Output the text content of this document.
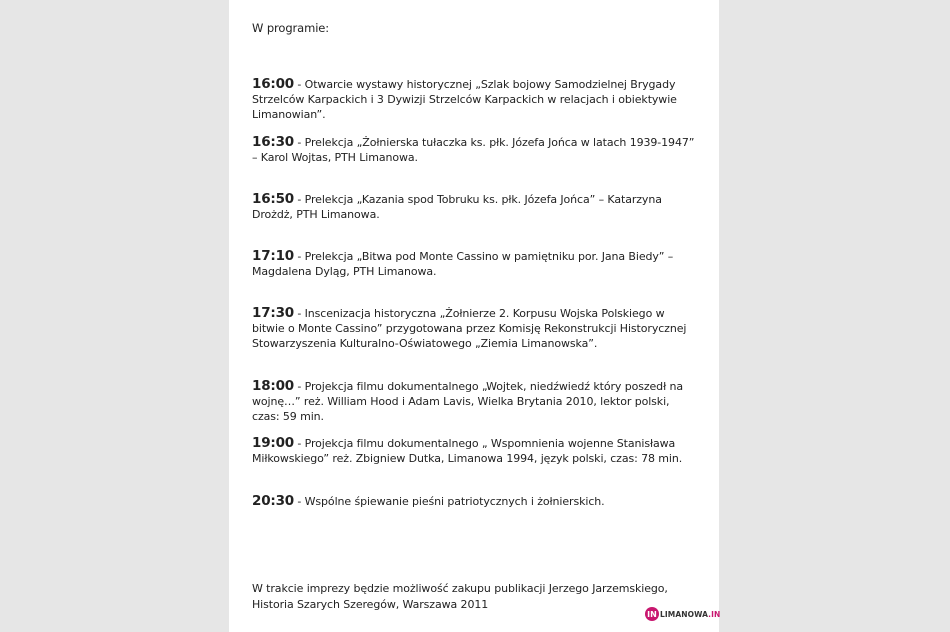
W programie:
16:00 - Otwarcie wystawy historycznej „Szlak bojowy Samodzielnej Brygady Strzelców Karpackich i 3 Dywizji Strzelców Karpackich w relacjach i obiektywie Limanowian”.
16:30 - Prelekcja „Żołnierska tułaczka ks. płk. Józefa Jońca w latach 1939-1947” – Karol Wojtas, PTH Limanowa.
16:50 - Prelekcja „Kazania spod Tobruku ks. płk. Józefa Jońca” – Katarzyna Drożdż, PTH Limanowa.
17:10 - Prelekcja „Bitwa pod Monte Cassino w pamiętniku por. Jana Biedy” – Magdalena Dyląg, PTH Limanowa.
17:30 - Inscenizacja historyczna „Żołnierze 2. Korpusu Wojska Polskiego w bitwie o Monte Cassino” przygotowana przez Komisję Rekonstrukcji Historycznej Stowarzyszenia Kulturalno-Oświatowego „Ziemia Limanowska”.
18:00 - Projekcja filmu dokumentalnego „Wojtek, niedźwiedź który poszedł na wojnę…” reż. William Hood i Adam Lavis, Wielka Brytania 2010, lektor polski, czas: 59 min.
19:00 - Projekcja filmu dokumentalnego „ Wspomnienia wojenne Stanisława Miłkowskiego” reż. Zbigniew Dutka, Limanowa 1994, język polski, czas: 78 min.
20:30 - Wspólne śpiewanie pieśni patriotycznych i żołnierskich.
W trakcie imprezy będzie możliwość zakupu publikacji Jerzego Jarzemskiego, Historia Szarych Szeregów, Warszawa 2011
IN LIMANOWA.IN
